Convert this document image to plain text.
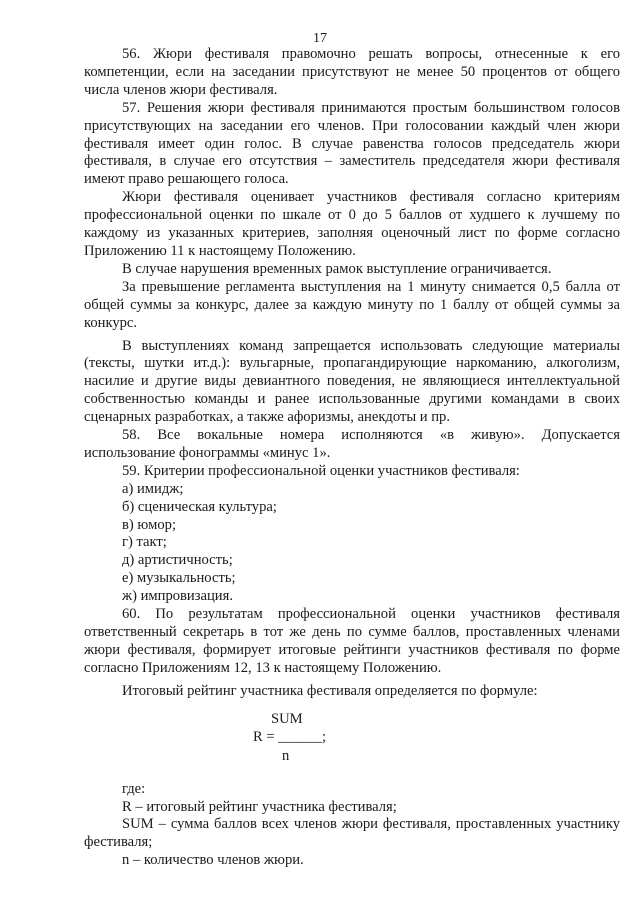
17

56. Жюри фестиваля правомочно решать вопросы, отнесенные к его компетенции, если на заседании присутствуют не менее 50 процентов от общего числа членов жюри фестиваля.

57. Решения жюри фестиваля принимаются простым большинством голосов присутствующих на заседании его членов. При голосовании каждый член жюри фестиваля имеет один голос. В случае равенства голосов председатель жюри фестиваля, в случае его отсутствия – заместитель председателя жюри фестиваля имеют право решающего голоса.

Жюри фестиваля оценивает участников фестиваля согласно критериям профессиональной оценки по шкале от 0 до 5 баллов от худшего к лучшему по каждому из указанных критериев, заполняя оценочный лист по форме согласно Приложению 11 к настоящему Положению.

В случае нарушения временных рамок выступление ограничивается.

За превышение регламента выступления на 1 минуту снимается 0,5 балла от общей суммы за конкурс, далее за каждую минуту по 1 баллу от общей суммы за конкурс.

В выступлениях команд запрещается использовать следующие материалы (тексты, шутки ит.д.): вульгарные, пропагандирующие наркоманию, алкоголизм, насилие и другие виды девиантного поведения, не являющиеся интеллектуальной собственностью команды и ранее использованные другими командами в своих сценарных разработках, а также афоризмы, анекдоты и пр.

58. Все вокальные номера исполняются «в живую». Допускается использование фонограммы «минус 1».

59. Критерии профессиональной оценки участников фестиваля:

а) имидж;

б) сценическая культура;

в) юмор;

г) такт;

д) артистичность;

е) музыкальность;

ж) импровизация.

60. По результатам профессиональной оценки участников фестиваля ответственный секретарь в тот же день по сумме баллов, проставленных членами жюри фестиваля, формирует итоговые рейтинги участников фестиваля по форме согласно Приложениям 12, 13 к настоящему Положению.

Итоговый рейтинг участника фестиваля определяется по формуле:

SUM
R = ______;
n

где:

R – итоговый рейтинг участника фестиваля;

SUM – сумма баллов всех членов жюри фестиваля, проставленных участнику фестиваля;

n – количество членов жюри.
